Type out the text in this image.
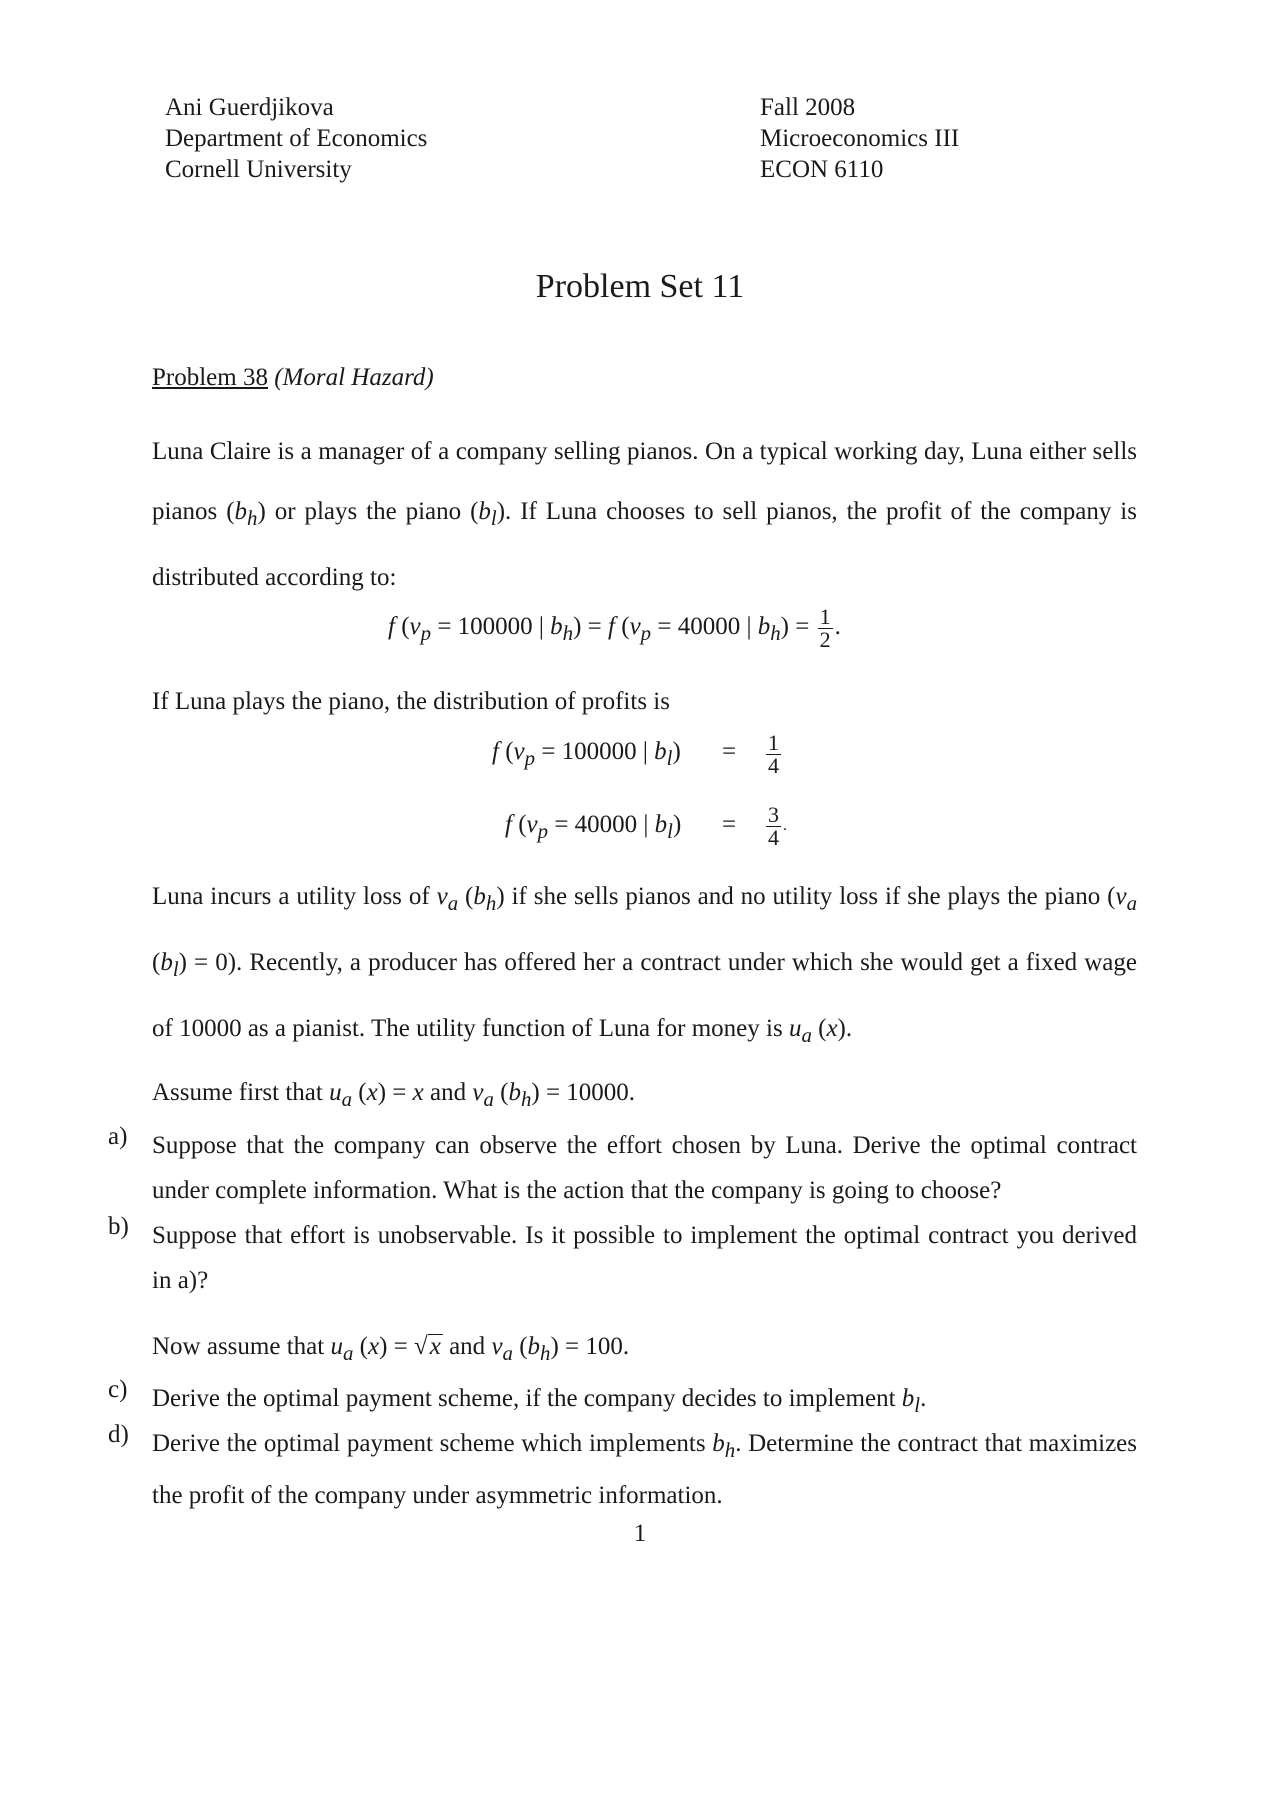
Ani Guerdjikova
Department of Economics
Cornell University
Fall 2008
Microeconomics III
ECON 6110
Problem Set 11
Problem 38 (Moral Hazard)
Luna Claire is a manager of a company selling pianos. On a typical working day, Luna either sells pianos $(b_h)$ or plays the piano $(b_l)$. If Luna chooses to sell pianos, the profit of the company is distributed according to:
f ($v_p = 100000$ | $b_h) = f$ ($v_p = 40000$ | $b_h) = \frac{1}{2}$ .
If Luna plays the piano, the distribution of profits is
f ($v_p = 100000$ | $b_l) = \frac{1}{4}$
f ($v_p = 40000$ | $b_l) = \frac{3}{4}$ .
Luna incurs a utility loss of $v_a$ $(b_h)$ if she sells pianos and no utility loss if she plays the piano ($v_a$ $(b_l) = 0$). Recently, a producer has offered her a contract under which she would get a fixed wage of 10000 as a pianist. The utility function of Luna for money is $u_a$ (x).
Assume first that $u_a$ (x) = x and $v_a$ $(b_h) = 10000$.
a) Suppose that the company can observe the effort chosen by Luna. Derive the optimal contract under complete information. What is the action that the company is going to choose?
b) Suppose that effort is unobservable. Is it possible to implement the optimal contract you derived in a)?
Now assume that $u_a$ (x) = √x and $v_a$ $(b_h) = 100$.
c) Derive the optimal payment scheme, if the company decides to implement $b_l$.
d) Derive the optimal payment scheme which implements $b_h$. Determine the contract that maximizes the profit of the company under asymmetric information.
1
